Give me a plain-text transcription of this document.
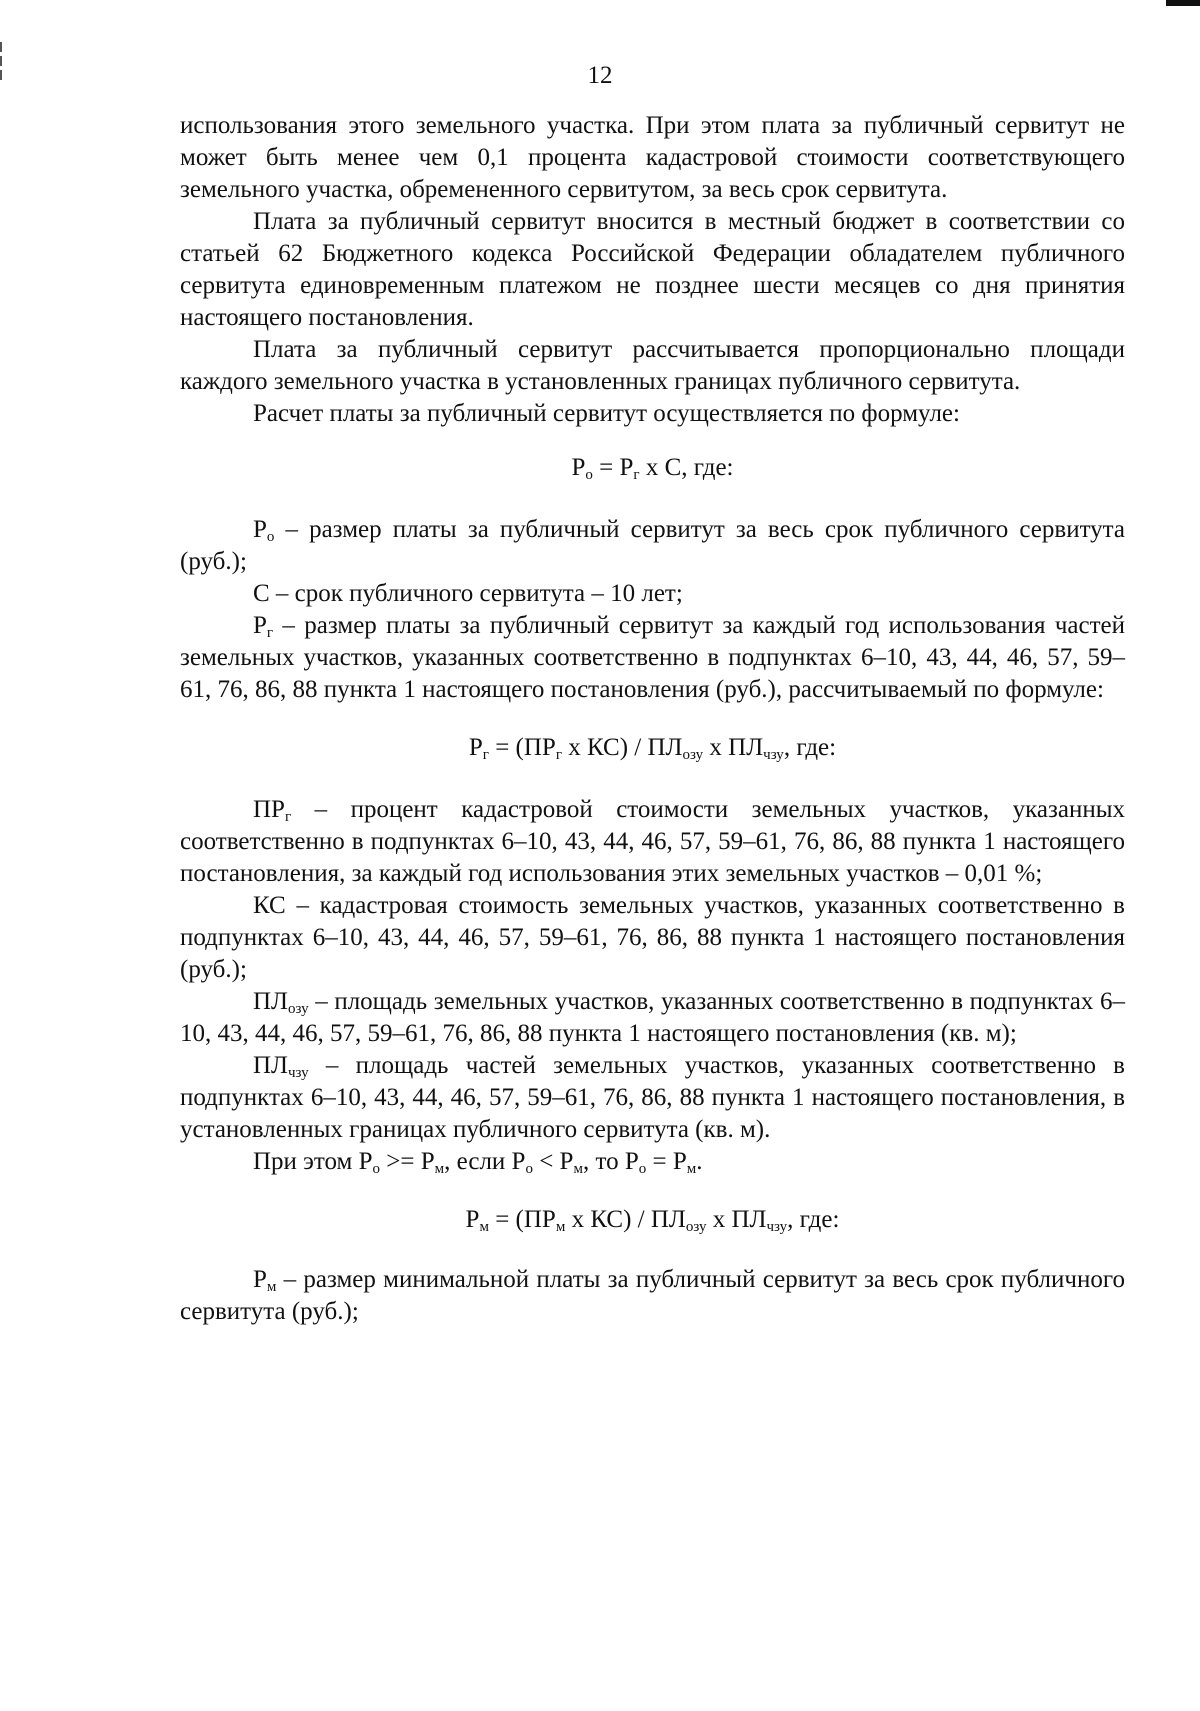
12

использования этого земельного участка. При этом плата за публичный сервитут не может быть менее чем 0,1 процента кадастровой стоимости соответствующего земельного участка, обремененного сервитутом, за весь срок сервитута.

Плата за публичный сервитут вносится в местный бюджет в соответствии со статьей 62 Бюджетного кодекса Российской Федерации обладателем публичного сервитута единовременным платежом не позднее шести месяцев со дня принятия настоящего постановления.

Плата за публичный сервитут рассчитывается пропорционально площади каждого земельного участка в установленных границах публичного сервитута.

Расчет платы за публичный сервитут осуществляется по формуле:

$Р_о = Р_г$ х С, где:

$Р_о$ – размер платы за публичный сервитут за весь срок публичного сервитута (руб.);

С – срок публичного сервитута – 10 лет;

$Р_г$ – размер платы за публичный сервитут за каждый год использования частей земельных участков, указанных соответственно в подпунктах 6–10, 43, 44, 46, 57, 59–61, 76, 86, 88 пункта 1 настоящего постановления (руб.), рассчитываемый по формуле:

$Р_г = (ПР_г$ х $КС) / ПЛ_{озу}$ х $ПЛ_{чзу}$, где:

$ПР_г$ – процент кадастровой стоимости земельных участков, указанных соответственно в подпунктах 6–10, 43, 44, 46, 57, 59–61, 76, 86, 88 пункта 1 настоящего постановления, за каждый год использования этих земельных участков – 0,01 %;

КС – кадастровая стоимость земельных участков, указанных соответственно в подпунктах 6–10, 43, 44, 46, 57, 59–61, 76, 86, 88 пункта 1 настоящего постановления (руб.);

$ПЛ_{озу}$ – площадь земельных участков, указанных соответственно в подпунктах 6–10, 43, 44, 46, 57, 59–61, 76, 86, 88 пункта 1 настоящего постановления (кв. м);

$ПЛ_{чзу}$ – площадь частей земельных участков, указанных соответственно в подпунктах 6–10, 43, 44, 46, 57, 59–61, 76, 86, 88 пункта 1 настоящего постановления, в установленных границах публичного сервитута (кв. м).

При этом $Р_о >= Р_м$, если $Р_о < Р_м$, то $Р_о = Р_м$.

$Р_м = (ПР_м$ х $КС) / ПЛ_{озу}$ х $ПЛ_{чзу}$, где:

$Р_м$ – размер минимальной платы за публичный сервитут за весь срок публичного сервитута (руб.);
